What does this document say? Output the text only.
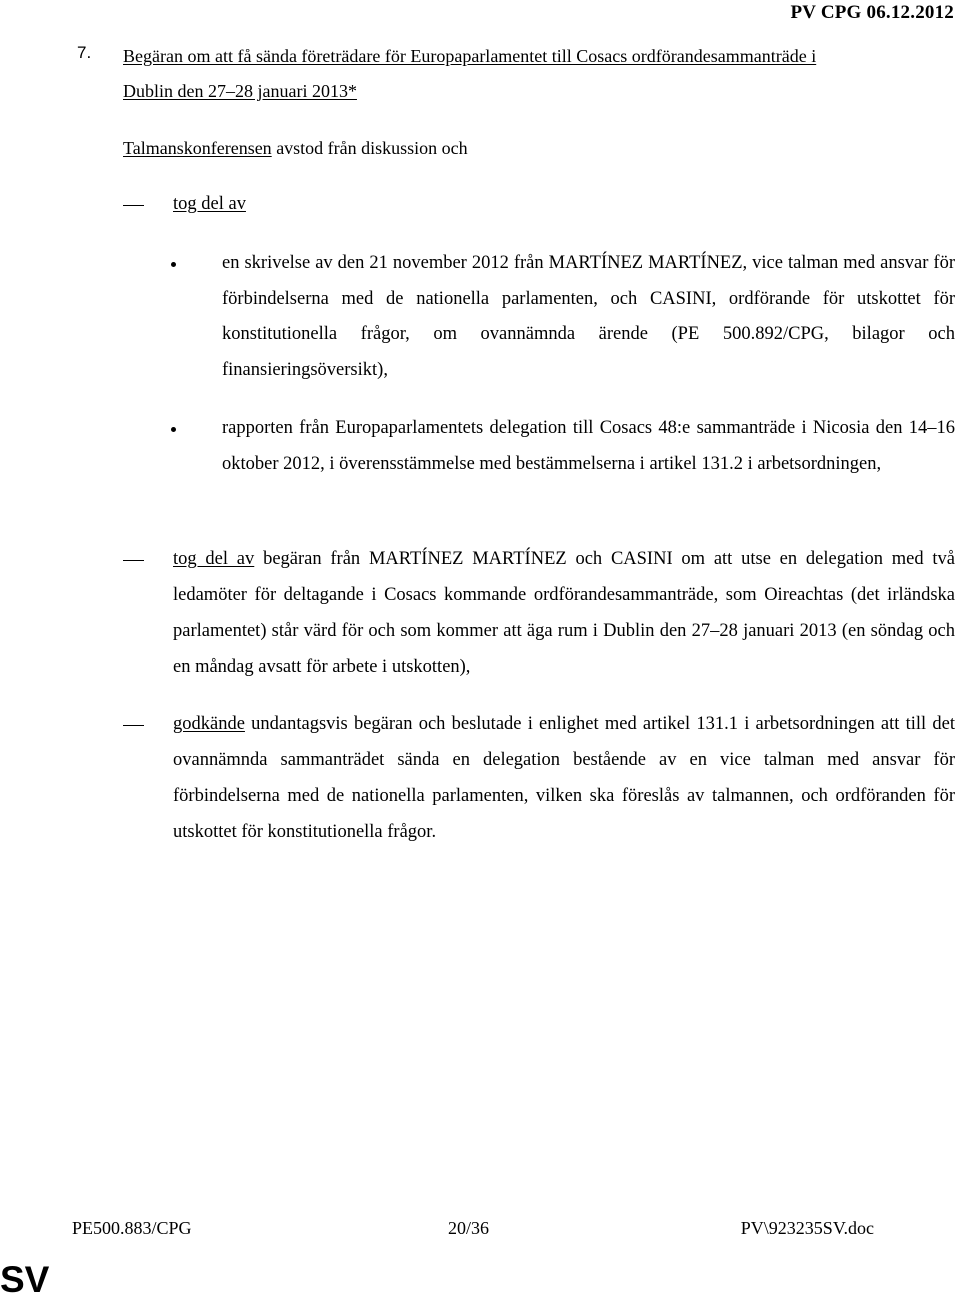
PV CPG 06.12.2012
7. Begäran om att få sända företrädare för Europaparlamentet till Cosacs ordförandesammanträde i
Dublin den 27–28 januari 2013*
Talmanskonferensen avstod från diskussion och
tog del av
en skrivelse av den 21 november 2012 från MARTÍNEZ MARTÍNEZ, vice talman med ansvar för förbindelserna med de nationella parlamenten, och CASINI, ordförande för utskottet för konstitutionella frågor, om ovannämnda ärende (PE 500.892/CPG, bilagor och finansieringsöversikt),
rapporten från Europaparlamentets delegation till Cosacs 48:e sammanträde i Nicosia den 14–16 oktober 2012, i överensstämmelse med bestämmelserna i artikel 131.2 i arbetsordningen,
tog del av begäran från MARTÍNEZ MARTÍNEZ och CASINI om att utse en delegation med två ledamöter för deltagande i Cosacs kommande ordförandesammanträde, som Oireachtas (det irländska parlamentet) står värd för och som kommer att äga rum i Dublin den 27–28 januari 2013 (en söndag och en måndag avsatt för arbete i utskotten),
godkände undantagsvis begäran och beslutade i enlighet med artikel 131.1 i arbetsordningen att till det ovannämnda sammanträdet sända en delegation bestående av en vice talman med ansvar för förbindelserna med de nationella parlamenten, vilken ska föreslås av talmannen, och ordföranden för utskottet för konstitutionella frågor.
PE500.883/CPG	20/36	PV\923235SV.doc
SV
